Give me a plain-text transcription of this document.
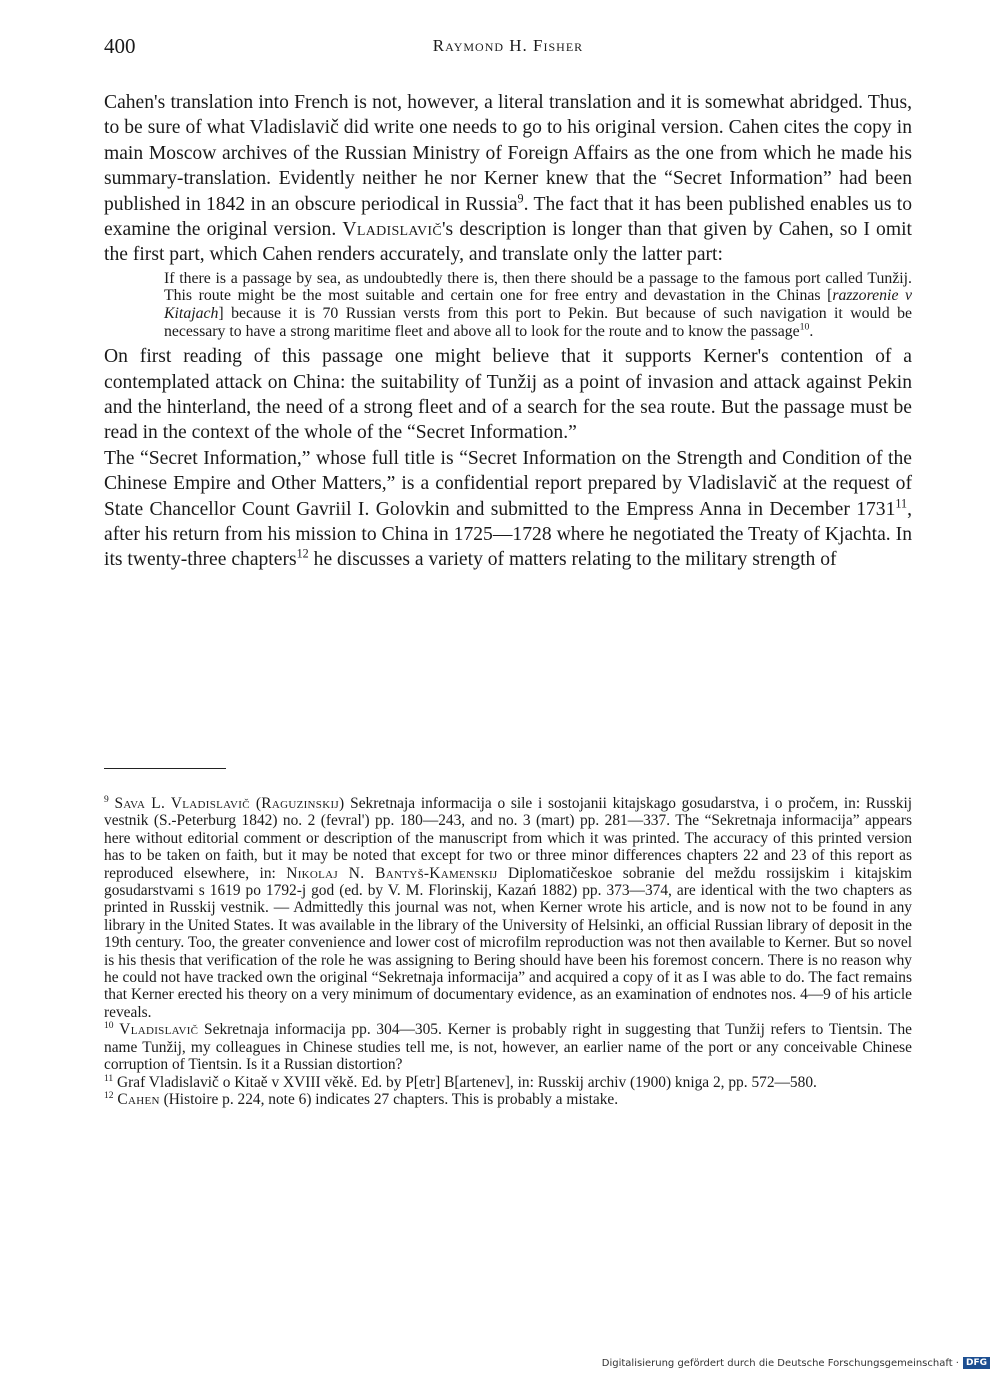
400	Raymond H. Fisher

Cahen's translation into French is not, however, a literal translation and it is somewhat abridged. Thus, to be sure of what Vladislavič did write one needs to go to his original version. Cahen cites the copy in main Moscow archives of the Russian Ministry of Foreign Affairs as the one from which he made his summary-translation. Evidently neither he nor Kerner knew that the “Secret Information” had been published in 1842 in an obscure periodical in Russia$^9$. The fact that it has been published enables us to examine the original version. Vladislavič's description is longer than that given by Cahen, so I omit the first part, which Cahen renders accurately, and translate only the latter part:

If there is a passage by sea, as undoubtedly there is, then there should be a passage to the famous port called Tunžij. This route might be the most suitable and certain one for free entry and devastation in the Chinas [razzorenie v Kitajach] because it is 70 Russian versts from this port to Pekin. But because of such navigation it would be necessary to have a strong maritime fleet and above all to look for the route and to know the passage$^{10}$.

On first reading of this passage one might believe that it supports Kerner's contention of a contemplated attack on China: the suitability of Tunžij as a point of invasion and attack against Pekin and the hinterland, the need of a strong fleet and of a search for the sea route. But the passage must be read in the context of the whole of the “Secret Information.”

The “Secret Information,” whose full title is “Secret Information on the Strength and Condition of the Chinese Empire and Other Matters,” is a confidential report prepared by Vladislavič at the request of State Chancellor Count Gavriil I. Golovkin and submitted to the Empress Anna in December 1731$^{11}$, after his return from his mission to China in 1725—1728 where he negotiated the Treaty of Kjachta. In its twenty-three chapters$^{12}$ he discusses a variety of matters relating to the military strength of

$^9$ Sava L. Vladislavič (Raguzinskij) Sekretnaja informacija o sile i sostojanii kitajskago gosudarstva, i o pročem, in: Russkij vestnik (S.-Peterburg 1842) no. 2 (fevral') pp. 180—243, and no. 3 (mart) pp. 281—337. The “Sekretnaja informacija” appears here without editorial comment or description of the manuscript from which it was printed. The accuracy of this printed version has to be taken on faith, but it may be noted that except for two or three minor differences chapters 22 and 23 of this report as reproduced elsewhere, in: Nikolaj N. Bantyš-Kamenskij Diplomatičeskoe sobranie del meždu rossijskim i kitajskim gosudarstvami s 1619 po 1792-j god (ed. by V. M. Florinskij, Kazań 1882) pp. 373—374, are identical with the two chapters as printed in Russkij vestnik. — Admittedly this journal was not, when Kerner wrote his article, and is now not to be found in any library in the United States. It was available in the library of the University of Helsinki, an official Russian library of deposit in the 19th century. Too, the greater convenience and lower cost of microfilm reproduction was not then available to Kerner. But so novel is his thesis that verification of the role he was assigning to Bering should have been his foremost concern. There is no reason why he could not have tracked own the original “Sekretnaja informacija” and acquired a copy of it as I was able to do. The fact remains that Kerner erected his theory on a very minimum of documentary evidence, as an examination of endnotes nos. 4—9 of his article reveals.

$^{10}$ Vladislavič Sekretnaja informacija pp. 304—305. Kerner is probably right in suggesting that Tunžij refers to Tientsin. The name Tunžij, my colleagues in Chinese studies tell me, is not, however, an earlier name of the port or any conceivable Chinese corruption of Tientsin. Is it a Russian distortion?

$^{11}$ Graf Vladislavič o Kitaě v XVIII věkě. Ed. by P[etr] B[artenev], in: Russkij archiv (1900) kniga 2, pp. 572—580.

$^{12}$ Cahen (Histoire p. 224, note 6) indicates 27 chapters. This is probably a mistake.

Digitalisierung gefördert durch die Deutsche Forschungsgemeinschaft · DFG
